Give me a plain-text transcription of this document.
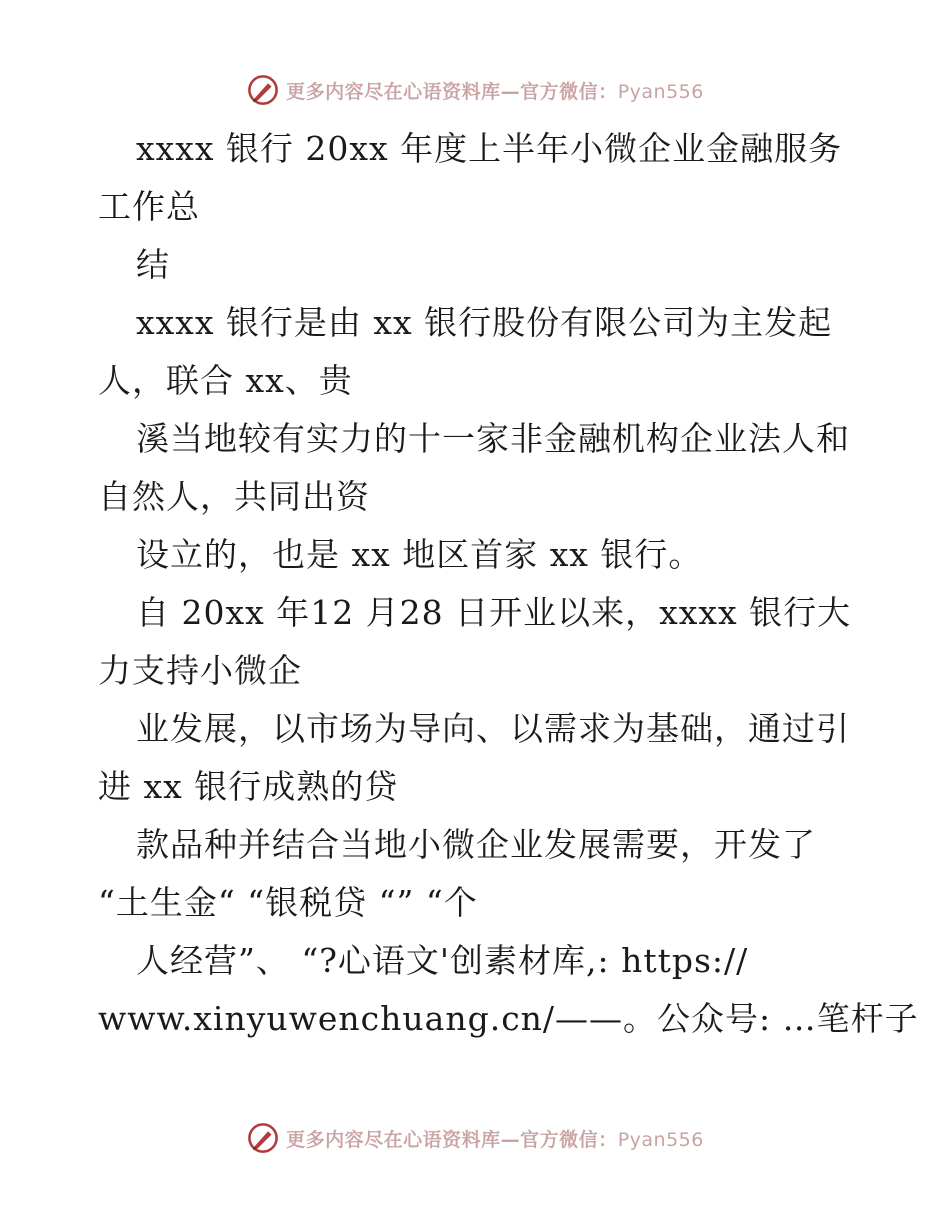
更多内容尽在心语资料库—官方微信：Pyan556
xxxx 银行 20xx 年度上半年小微企业金融服务
工作总
结
xxxx 银行是由 xx 银行股份有限公司为主发起
人，联合 xx、贵
溪当地较有实力的十一家非金融机构企业法人和
自然人，共同出资
设立的，也是 xx 地区首家 xx 银行。
自 20xx 年12 月28 日开业以来，xxxx 银行大
力支持小微企
业发展，以市场为导向、以需求为基础，通过引
进 xx 银行成熟的贷
款品种并结合当地小微企业发展需要，开发了
“土生金“ “银税贷 “” “个
人经营”、 “?心语文'创素材库,: https://
www.xinyuwenchuang.cn/——。公众号: …笔杆子
更多内容尽在心语资料库—官方微信：Pyan556
